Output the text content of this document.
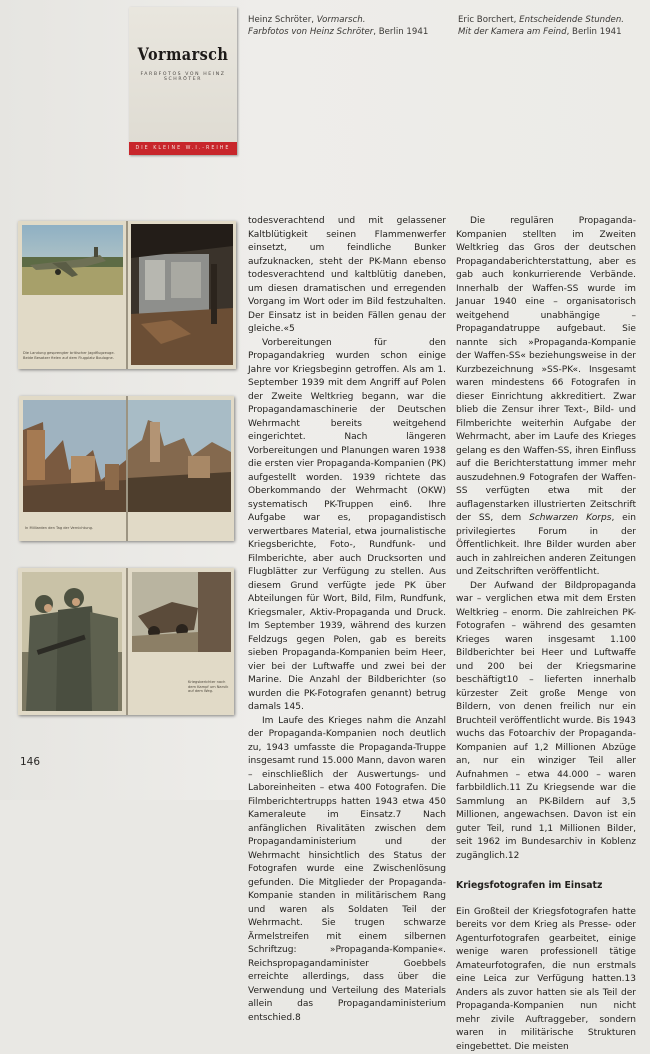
Vormarsch
FARBFOTOS VON HEINZ SCHRÖTER
DIE KLEINE W.I.-REIHE
Heinz Schröter, Vormarsch.
Farbfotos von Heinz Schröter, Berlin 1941
Eric Borchert, Entscheidende Stunden.
Mit der Kamera am Feind, Berlin 1941
Die Landung gesprengter britischer Jagdflugzeuge. Beide Besatzer fielen auf dem Flugplatz Boulogne.
In Milliarden den Tag der Vernichtung.
Kriegsberichter nach dem Kampf um Narvik auf dem Weg.

todesverachtend und mit gelassener Kaltblütigkeit seinen Flammenwerfer einsetzt, um feindliche Bunker aufzuknacken, steht der PK-Mann ebenso todesverachtend und kaltblütig daneben, um diesen dramatischen und erregenden Vorgang im Wort oder im Bild festzuhalten. Der Einsatz ist in beiden Fällen genau der gleiche.«5

Vorbereitungen für den Propagandakrieg wurden schon einige Jahre vor Kriegsbeginn getroffen. Als am 1. September 1939 mit dem Angriff auf Polen der Zweite Weltkrieg begann, war die Propagandamaschinerie der Deutschen Wehrmacht bereits weitgehend eingerichtet. Nach längeren Vorbereitungen und Planungen waren 1938 die ersten vier Propaganda-Kompanien (PK) aufgestellt worden. 1939 richtete das Oberkommando der Wehrmacht (OKW) systematisch PK-Truppen ein6. Ihre Aufgabe war es, propagandistisch verwertbares Material, etwa journalistische Kriegsberichte, Foto-, Rundfunk- und Filmberichte, aber auch Drucksorten und Flugblätter zur Verfügung zu stellen. Aus diesem Grund verfügte jede PK über Abteilungen für Wort, Bild, Film, Rundfunk, Kriegsmaler, Aktiv-Propaganda und Druck. Im September 1939, während des kurzen Feldzugs gegen Polen, gab es bereits sieben Propaganda-Kompanien beim Heer, vier bei der Luftwaffe und zwei bei der Marine. Die Anzahl der Bildberichter (so wurden die PK-Fotografen genannt) betrug damals 145.

Im Laufe des Krieges nahm die Anzahl der Propaganda-Kompanien noch deutlich zu, 1943 umfasste die Propaganda-Truppe insgesamt rund 15.000 Mann, davon waren – einschließlich der Auswertungs- und Laboreinheiten – etwa 400 Fotografen. Die Filmberichtertrupps hatten 1943 etwa 450 Kameraleute im Einsatz.7 Nach anfänglichen Rivalitäten zwischen dem Propagandaministerium und der Wehrmacht hinsichtlich des Status der Fotografen wurde eine Zwischenlösung gefunden. Die Mitglieder der Propaganda-Kompanie standen in militärischem Rang und waren als Soldaten Teil der Wehrmacht. Sie trugen schwarze Ärmelstreifen mit einem silbernen Schriftzug: »Propaganda-Kompanie«. Reichspropagandaminister Goebbels erreichte allerdings, dass über die Verwendung und Verteilung des Materials allein das Propagandaministerium entschied.8

Die regulären Propaganda-Kompanien stellten im Zweiten Weltkrieg das Gros der deutschen Propagandaberichterstattung, aber es gab auch konkurrierende Verbände. Innerhalb der Waffen-SS wurde im Januar 1940 eine – organisatorisch weitgehend unabhängige – Propagandatruppe aufgebaut. Sie nannte sich »Propaganda-Kompanie der Waffen-SS« beziehungsweise in der Kurzbezeichnung »SS-PK«. Insgesamt waren mindestens 66 Fotografen in dieser Einrichtung akkreditiert. Zwar blieb die Zensur ihrer Text-, Bild- und Filmberichte weiterhin Aufgabe der Wehrmacht, aber im Laufe des Krieges gelang es den Waffen-SS, ihren Einfluss auf die Berichterstattung immer mehr auszudehnen.9 Fotografen der Waffen-SS verfügten etwa mit der auflagenstarken illustrierten Zeitschrift der SS, dem Schwarzen Korps, ein privilegiertes Forum in der Öffentlichkeit. Ihre Bilder wurden aber auch in zahlreichen anderen Zeitungen und Zeitschriften veröffentlicht.

Der Aufwand der Bildpropaganda war – verglichen etwa mit dem Ersten Weltkrieg – enorm. Die zahlreichen PK-Fotografen – während des gesamten Krieges waren insgesamt 1.100 Bildberichter bei Heer und Luftwaffe und 200 bei der Kriegsmarine beschäftigt10 – lieferten innerhalb kürzester Zeit große Menge von Bildern, von denen freilich nur ein Bruchteil veröffentlicht wurde. Bis 1943 wuchs das Fotoarchiv der Propaganda-Kompanien auf 1,2 Millionen Abzüge an, nur ein winziger Teil aller Aufnahmen – etwa 44.000 – waren farbbildlich.11 Zu Kriegsende war die Sammlung an PK-Bildern auf 3,5 Millionen, angewachsen. Davon ist ein guter Teil, rund 1,1 Millionen Bilder, seit 1962 im Bundesarchiv in Koblenz zugänglich.12

Kriegsfotografen im Einsatz

Ein Großteil der Kriegsfotografen hatte bereits vor dem Krieg als Presse- oder Agenturfotografen gearbeitet, einige wenige waren professionell tätige Amateurfotografen, die nun erstmals eine Leica zur Verfügung hatten.13 Anders als zuvor hatten sie als Teil der Propaganda-Kompanien nun nicht mehr zivile Auftraggeber, sondern waren in militärische Strukturen eingebettet. Die meisten

146
